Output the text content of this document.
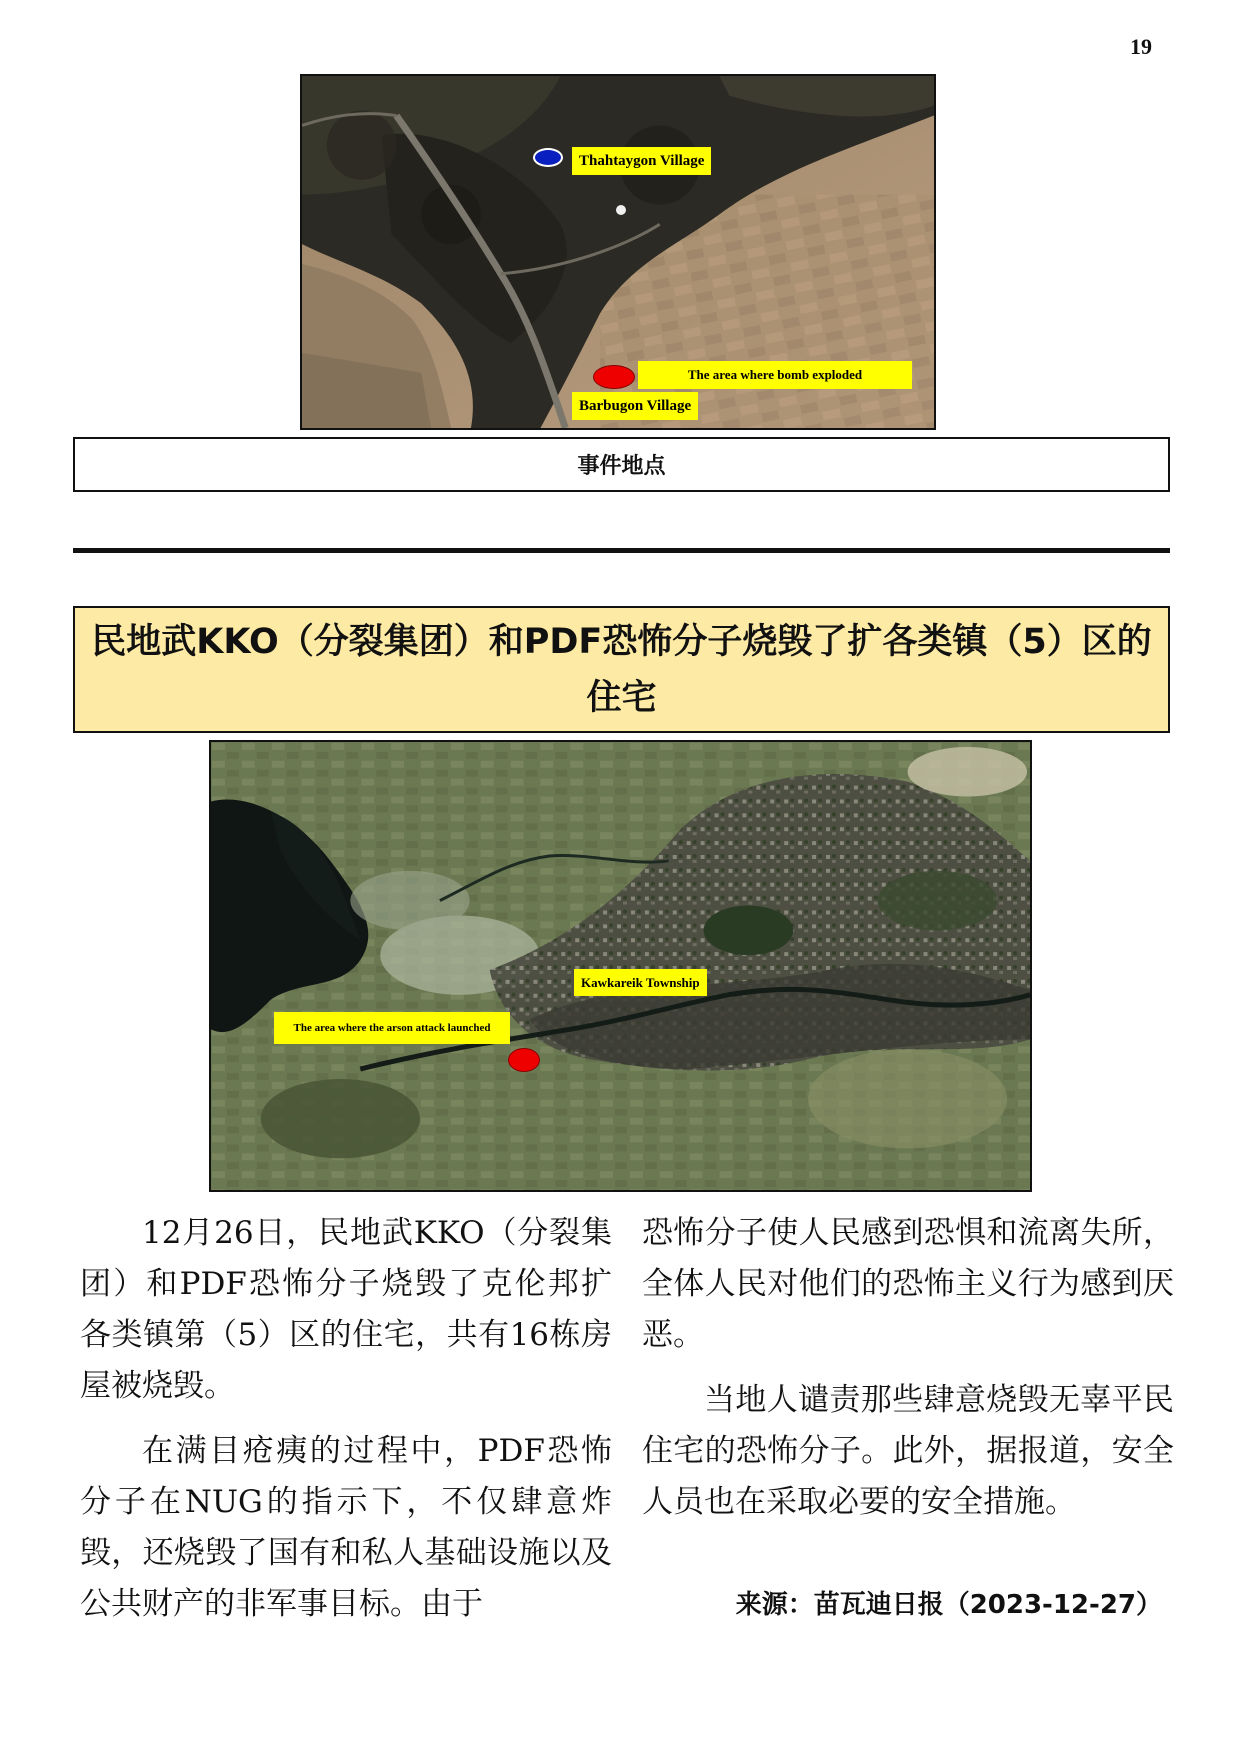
19
Thahtaygon Village
The area where bomb exploded
Barbugon Village
事件地点
民地武KKO（分裂集团）和PDF恐怖分子烧毁了扩各类镇（5）区的住宅
Kawkareik Township
The area where the arson attack launched

12月26日，民地武KKO（分裂集团）和PDF恐怖分子烧毁了克伦邦扩各类镇第（5）区的住宅，共有16栋房屋被烧毁。

在满目疮痍的过程中，PDF恐怖分子在NUG的指示下，不仅肆意炸毁，还烧毁了国有和私人基础设施以及公共财产的非军事目标。由于

恐怖分子使人民感到恐惧和流离失所，全体人民对他们的恐怖主义行为感到厌恶。

当地人谴责那些肆意烧毁无辜平民住宅的恐怖分子。此外，据报道，安全人员也在采取必要的安全措施。

来源：苗瓦迪日报（2023-12-27）
